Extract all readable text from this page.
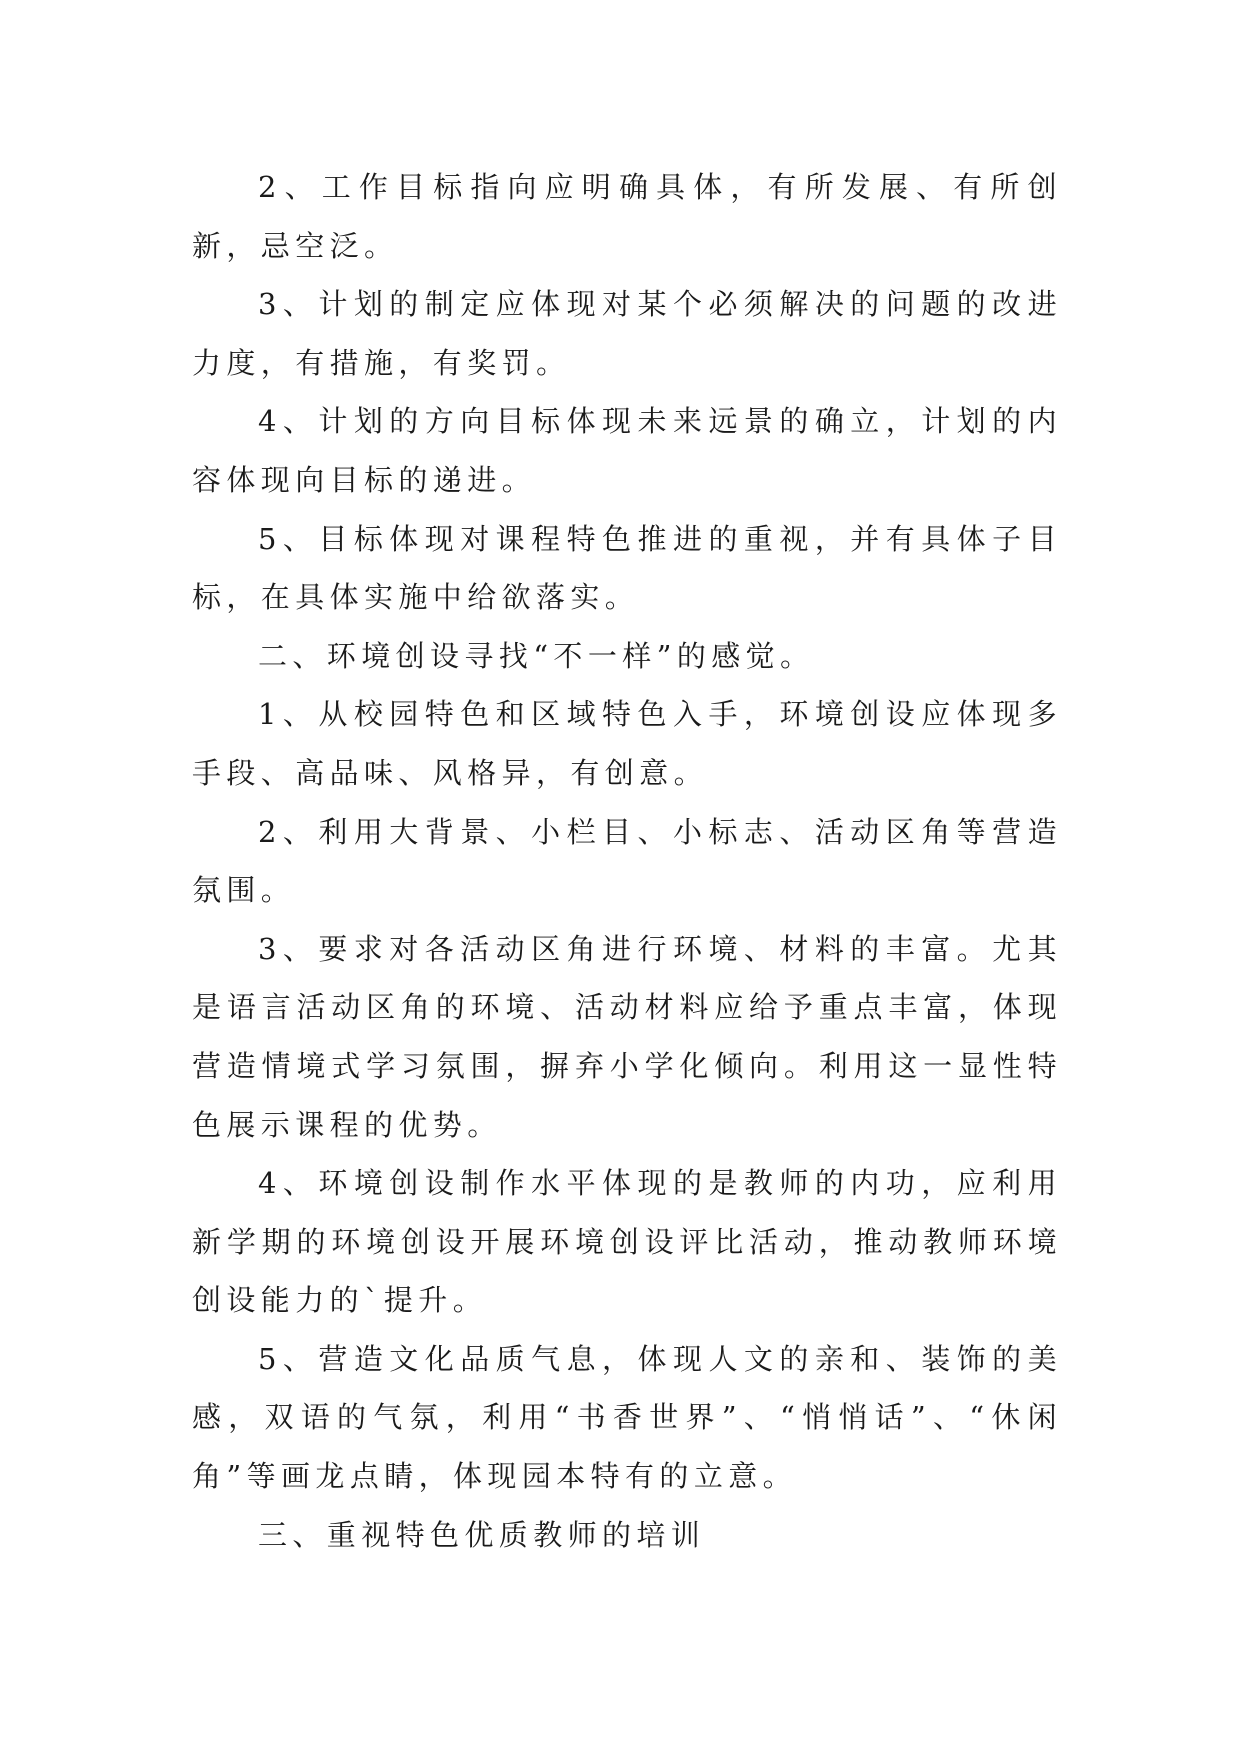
2、工作目标指向应明确具体，有所发展、有所创新，忌空泛。

3、计划的制定应体现对某个必须解决的问题的改进力度，有措施，有奖罚。

4、计划的方向目标体现未来远景的确立，计划的内容体现向目标的递进。

5、目标体现对课程特色推进的重视，并有具体子目标，在具体实施中给欲落实。

二、环境创设寻找“不一样”的感觉。

1、从校园特色和区域特色入手，环境创设应体现多手段、高品味、风格异，有创意。

2、利用大背景、小栏目、小标志、活动区角等营造氛围。

3、要求对各活动区角进行环境、材料的丰富。尤其是语言活动区角的环境、活动材料应给予重点丰富，体现营造情境式学习氛围，摒弃小学化倾向。利用这一显性特色展示课程的优势。

4、环境创设制作水平体现的是教师的内功，应利用新学期的环境创设开展环境创设评比活动，推动教师环境创设能力的`提升。

5、营造文化品质气息，体现人文的亲和、装饰的美感，双语的气氛，利用“书香世界”、“悄悄话”、“休闲角”等画龙点睛，体现园本特有的立意。

三、重视特色优质教师的培训
